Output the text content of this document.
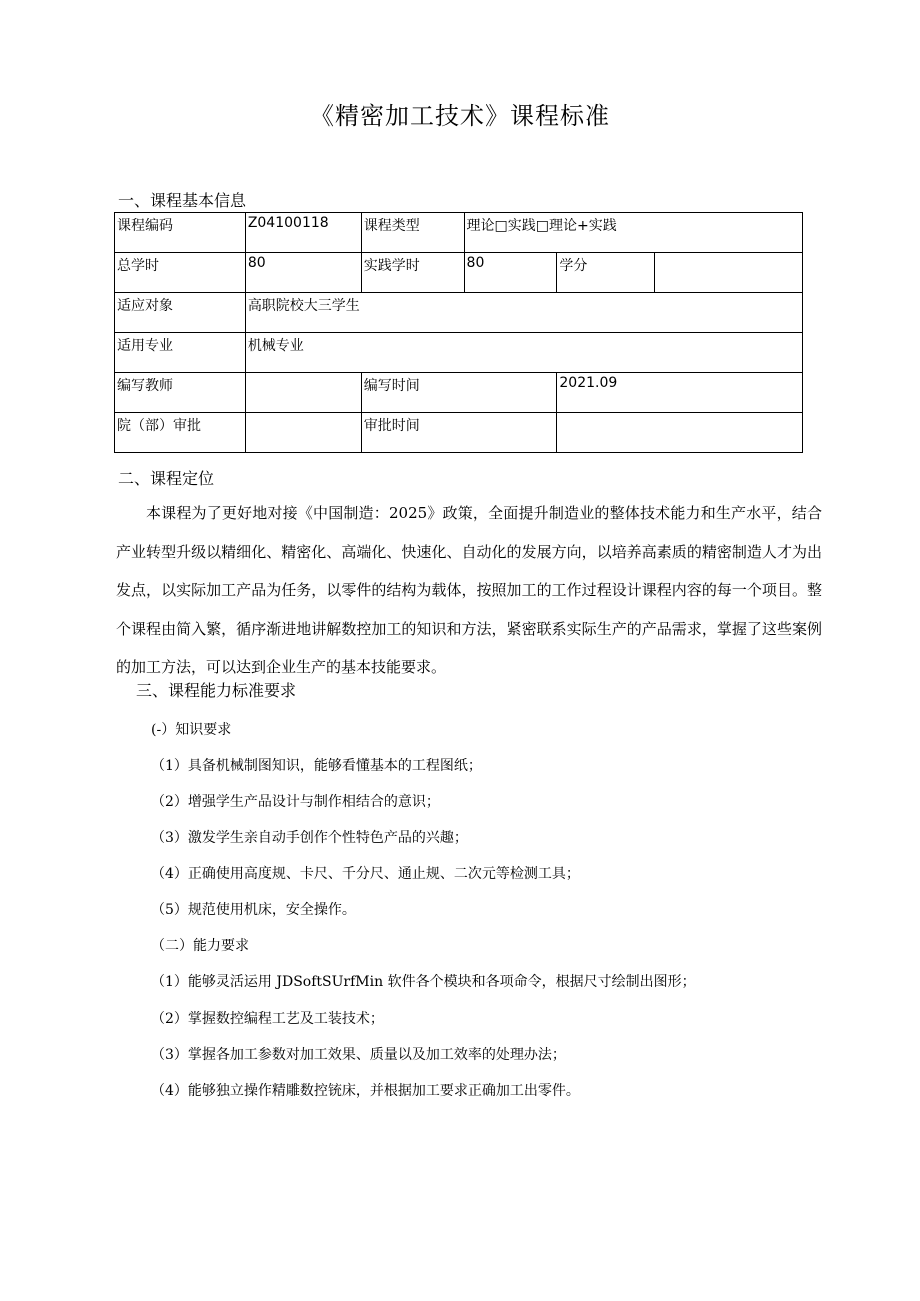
《精密加工技术》课程标准
一、课程基本信息
课程编码	Z04100118	课程类型	理论□实践□理论+实践		
总学时	80	实践学时	80	学分	
适应对象	高职院校大三学生				
适用专业	机械专业				
编写教师		编写时间		2021.09	
院（部）审批		审批时间			
二、课程定位

本课程为了更好地对接《中国制造：2025》政策，全面提升制造业的整体技术能力和生产水平，结合产业转型升级以精细化、精密化、高端化、快速化、自动化的发展方向，以培养高素质的精密制造人才为出发点，以实际加工产品为任务，以零件的结构为载体，按照加工的工作过程设计课程内容的每一个项目。整个课程由简入繁，循序渐进地讲解数控加工的知识和方法，紧密联系实际生产的产品需求，掌握了这些案例的加工方法，可以达到企业生产的基本技能要求。

三、课程能力标准要求
(-）知识要求
（1）具备机械制图知识，能够看懂基本的工程图纸；
（2）增强学生产品设计与制作相结合的意识；
（3）激发学生亲自动手创作个性特色产品的兴趣；
（4）正确使用高度规、卡尺、千分尺、通止规、二次元等检测工具；
（5）规范使用机床，安全操作。
（二）能力要求
（1）能够灵活运用 JDSoftSUrfMin 软件各个模块和各项命令，根据尺寸绘制出图形；
（2）掌握数控编程工艺及工装技术；
（3）掌握各加工参数对加工效果、质量以及加工效率的处理办法；
（4）能够独立操作精雕数控铳床，并根据加工要求正确加工出零件。
